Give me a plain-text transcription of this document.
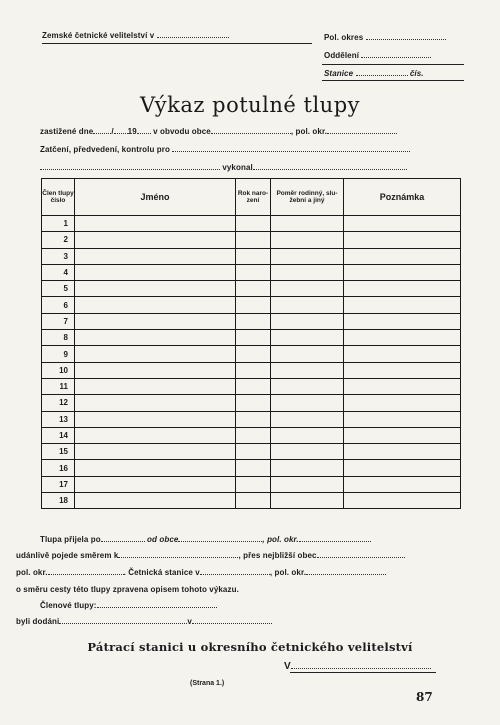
Zemské četnické velitelství v	Pol. okres
Oddělení
Stanice	čís.
Výkaz potulné tlupy
zastižené dne / 19 v obvodu obce	, pol. okr.
Zatčení, předvedení, kontrolu pro
vykonal
Člen tlupy číslo	Jméno	Rok naro- zení	Poměr rodinný, slu- žební a jiný	Poznámka
1				
2				
3				
4				
5				
6				
7				
8				
9				
10				
11				
12				
13				
14				
15				
16				
17				
18				
Tlupa přijela po	od obce	, pol. okr.
udánlivě pojede směrem k	, přes nejbližší obec
pol. okr.	. Četnická stanice v	, pol. okr.
o směru cesty této tlupy zpravena opisem tohoto výkazu.
Členové tlupy:
byli dodáni	v
Pátrací stanici u okresního četnického velitelství
V
(Strana 1.)
87
